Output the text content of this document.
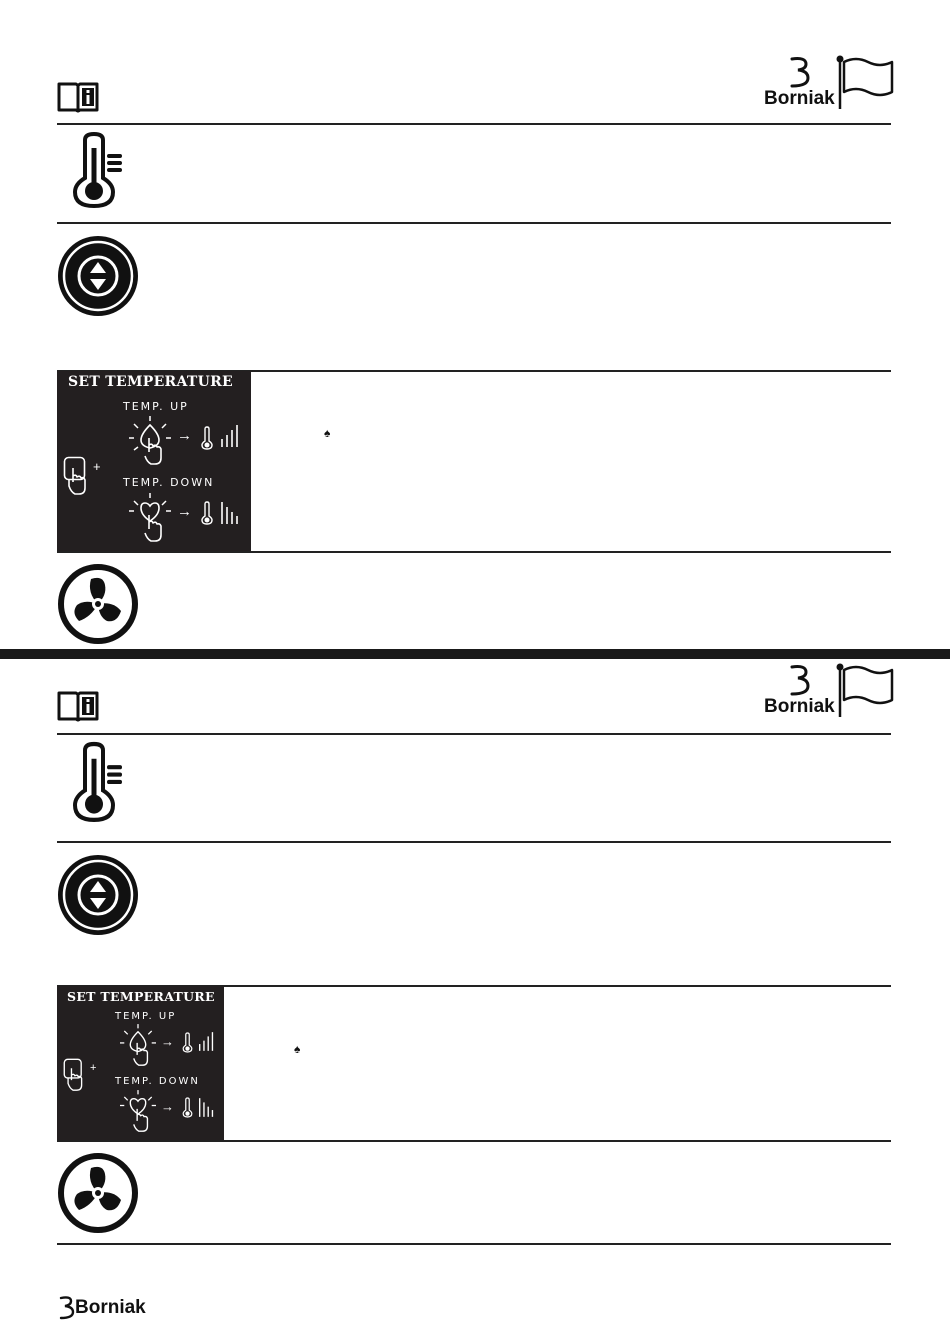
Borniak
SET TEMPERATURE
TEMP. UP
TEMP. DOWN
+
→
→
♠
Borniak
SET TEMPERATURE
TEMP. UP
TEMP. DOWN
+
→
→
♠
Borniak
